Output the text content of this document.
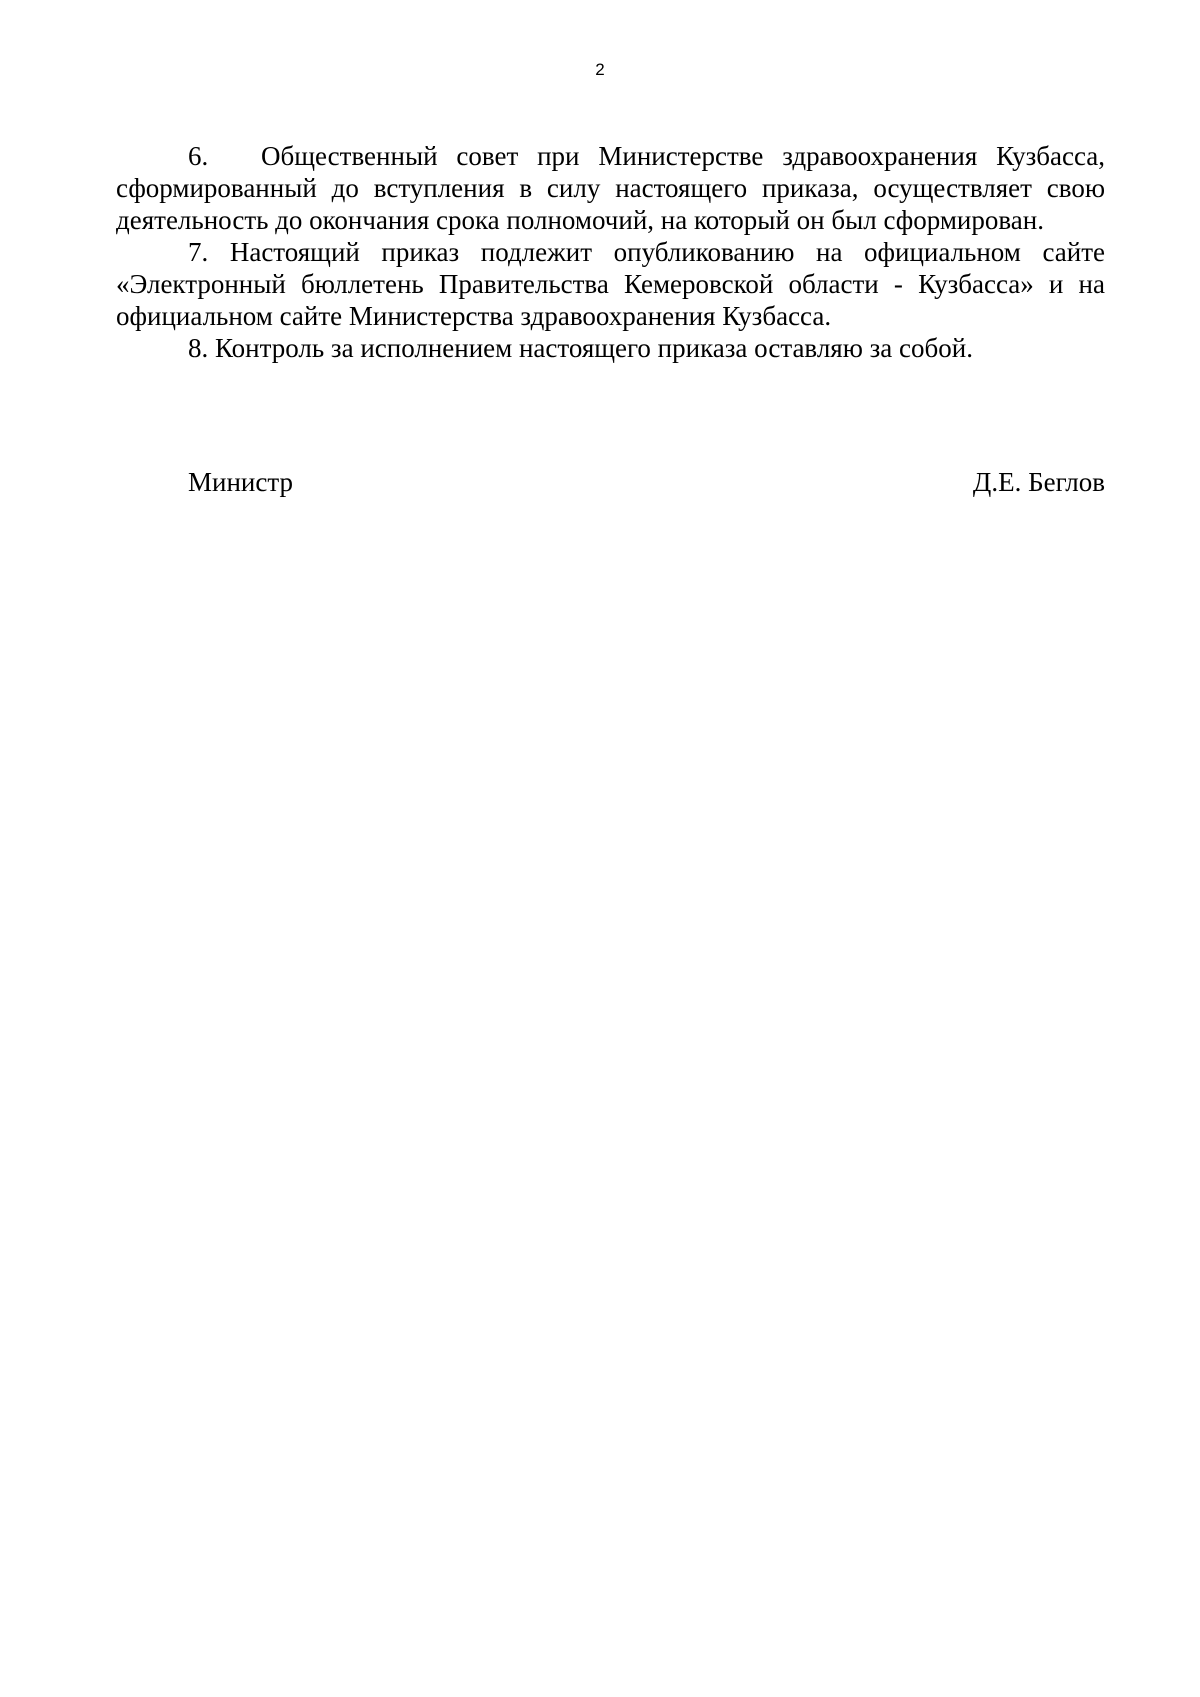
2

6. Общественный совет при Министерстве здравоохранения Кузбасса, сформированный до вступления в силу настоящего приказа, осуществляет свою деятельность до окончания срока полномочий, на который он был сформирован.

7. Настоящий приказ подлежит опубликованию на официальном сайте «Электронный бюллетень Правительства Кемеровской области - Кузбасса» и на официальном сайте Министерства здравоохранения Кузбасса.

8. Контроль за исполнением настоящего приказа оставляю за собой.

Министр	Д.Е. Беглов
